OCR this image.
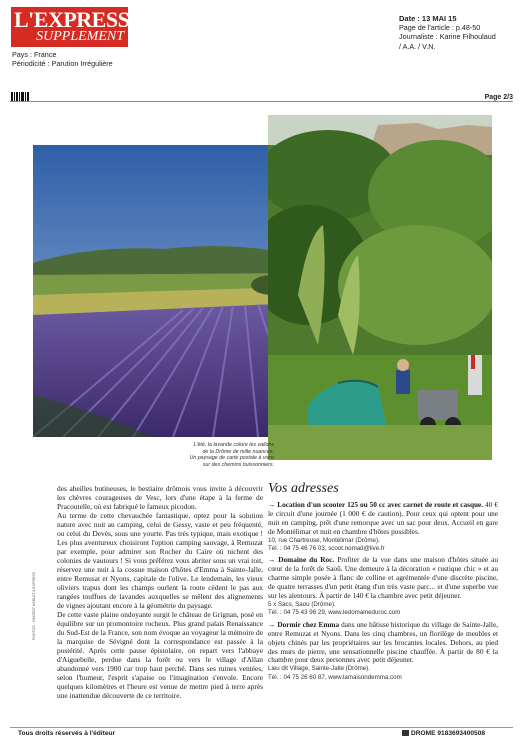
L'EXPRESS
SUPPLEMENT
Pays : France
Périodicité : Parution Irrégulière
Date : 13 MAI 15
Page de l'article : p.48-50
Journaliste : Karine Filhoulaud
/ A.A. / V.N.
Page 2/3
L'été, la lavande colore les vallons
de la Drôme de mille nuances.
Un paysage de carte postale à vivre
sur des chemins buissonniers.
PHOTOS : VINCENT NOBLET/L'EXPRESS

des abeilles butineuses, le bestiaire drômois vous invite à découvrir les chèvres courageuses de Vesc, lors d'une étape à la ferme de Pracoutelle, où est fabriqué le fameux picodon.

Au terme de cette chevauchée fantastique, optez pour la solution nature avec nuit au camping, celui de Gessy, vaste et peu fréquenté, ou celui du Devès, sous une yourte. Pas très typique, mais exotique ! Les plus aventureux choisiront l'option camping sauvage, à Remuzat par exemple, pour admirer son Rocher du Caire où nichent des colonies de vautours ! Si vous préférez vous abriter sous un vrai toit, réservez une nuit à la cossue maison d'hôtes d'Emma à Sainte-Jalle, entre Remusat et Nyons, capitale de l'olive. Le lendemain, les vieux oliviers trapus dont les champs ourlent la route cèdent le pas aux rangées touffues de lavandes auxquelles se mêlent des alignements de vignes ajoutant encore à la géométrie du paysage.

De cette vaste plaine ondoyante surgit le château de Grignan, posé en équilibre sur un promontoire rocheux. Plus grand palais Renaissance du Sud-Est de la France, son nom évoque au voyageur la mémoire de la marquise de Sévigné dont la correspondance est passée à la postérité. Après cette pause épistolaire, on repart vers l'abbaye d'Aiguebelle, perdue dans la forêt ou vers le village d'Allan abandonné vers 1900 car trop haut perché. Dans ses ruines ventées, selon l'humeur, l'esprit s'apaise ou l'imagination s'envole. Encore quelques kilomètres et l'heure est venue de mettre pied à terre après une inattendue découverte de ce territoire.

Vos adresses
→ Location d'un scooter 125 ou 50 cc avec carnet de route et casque. 40 € le circuit d'une journée (1 000 € de caution). Pour ceux qui optent pour une nuit en camping, prêt d'une remorque avec un sac pour deux. Accueil en gare de Montélimar et nuit en chambre d'hôtes possibles.
10, rue Chartreuse, Montélimar (Drôme).
Tél. : 04 75 46 76 03, scoot.nomad@live.fr
→ Domaine du Roc. Profiter de la vue dans une maison d'hôtes située au cœur de la forêt de Saoû. Une demeure à la décoration « rustique chic » et au charme simple posée à flanc de colline et agrémentée d'une discrète piscine, de quatre terrasses d'un petit étang d'un très vaste parc... et d'une superbe vue sur les alentours. À partir de 140 € la chambre avec petit déjeuner.
5 x Sacs, Saou (Drôme).
Tél. : 04 75 43 96 29, www.ledomaineduroc.com
→ Dormir chez Emma dans une bâtisse historique du village de Sainte-Jalle, entre Remuzat et Nyons. Dans les cinq chambres, un florilège de meubles et objets chinés par les propriétaires sur les brocantes locales. Dehors, au pied des murs de pierre, une sensationnelle piscine chauffée. À partir de 80 € la chambre pour deux personnes avec petit déjeuner.
Lieu dit Village, Sainte-Jalle (Drôme).
Tél. : 04 75 26 60 87, www.lamaisondemma.com
Tous droits réservés à l'éditeur	DROME 9183693400508
